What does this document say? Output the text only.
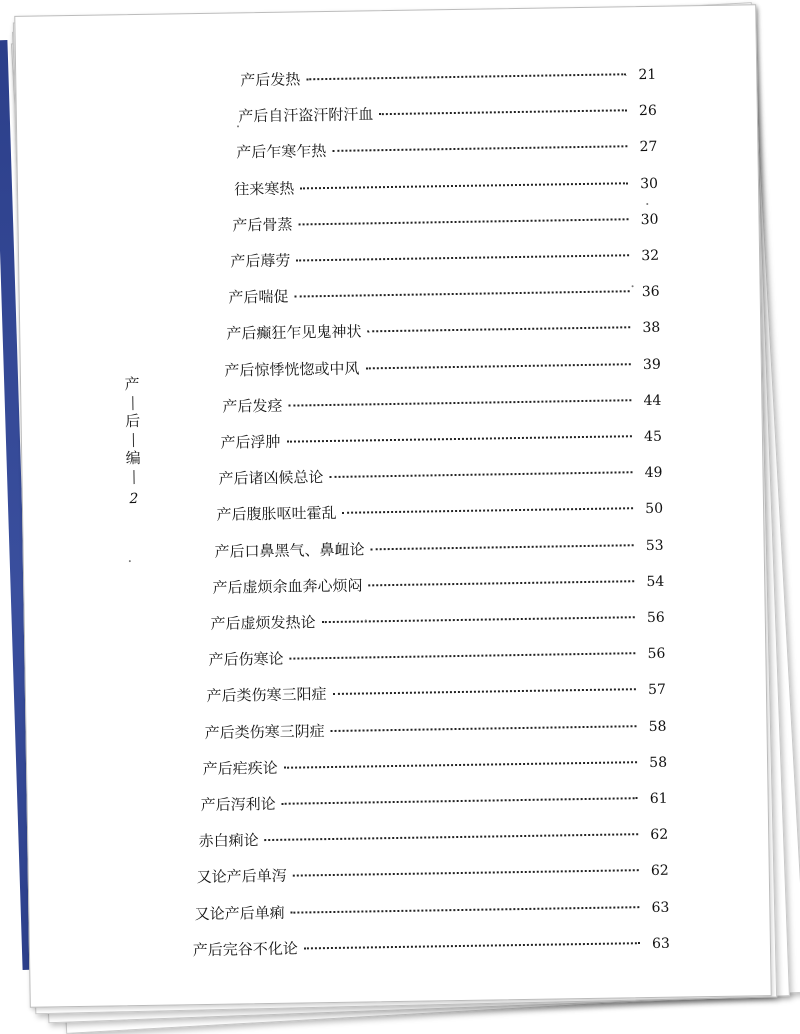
产
后
编
2
产后发热	21
产后自汗盗汗附汗血	26
产后乍寒乍热	27
往来寒热	30
产后骨蒸	30
产后蓐劳	32
产后喘促	36
产后癫狂乍见鬼神状	38
产后惊悸恍惚或中风	39
产后发痉	44
产后浮肿	45
产后诸凶候总论	49
产后腹胀呕吐霍乱	50
产后口鼻黑气、鼻衄论	53
产后虚烦余血奔心烦闷	54
产后虚烦发热论	56
产后伤寒论	56
产后类伤寒三阳症	57
产后类伤寒三阴症	58
产后疟疾论	58
产后泻利论	61
赤白痢论	62
又论产后单泻	62
又论产后单痢	63
产后完谷不化论	63
